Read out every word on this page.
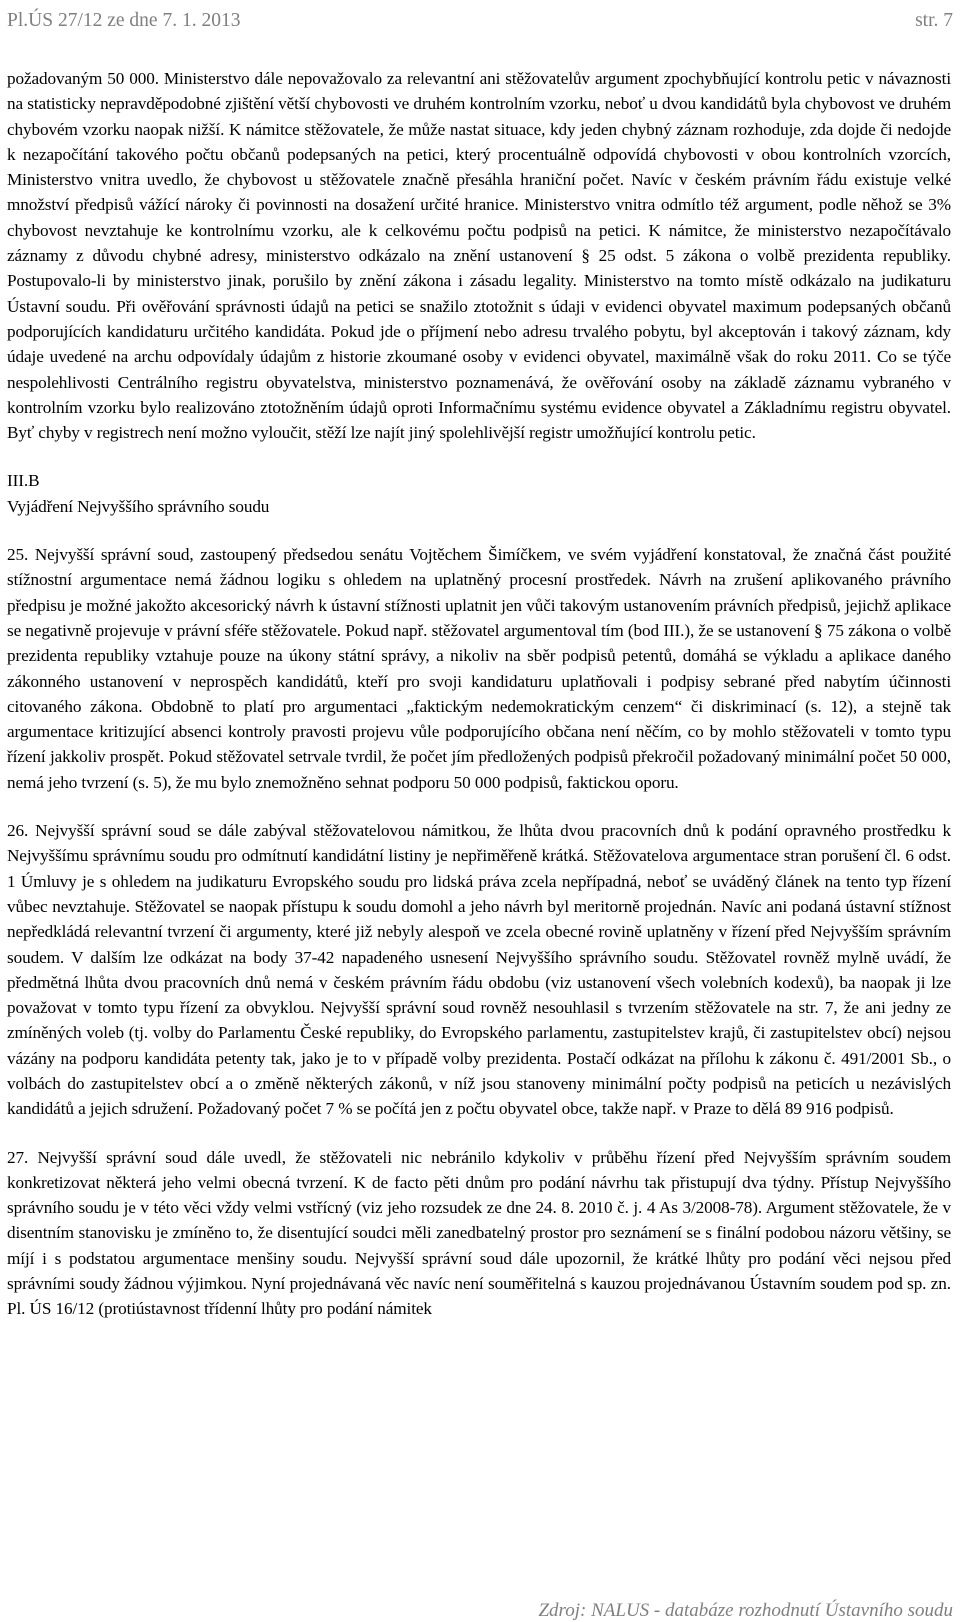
Pl.ÚS 27/12 ze dne 7. 1. 2013	str. 7

požadovaným 50 000. Ministerstvo dále nepovažovalo za relevantní ani stěžovatelův argument zpochybňující kontrolu petic v návaznosti na statisticky nepravděpodobné zjištění větší chybovosti ve druhém kontrolním vzorku, neboť u dvou kandidátů byla chybovost ve druhém chybovém vzorku naopak nižší. K námitce stěžovatele, že může nastat situace, kdy jeden chybný záznam rozhoduje, zda dojde či nedojde k nezapočítání takového počtu občanů podepsaných na petici, který procentuálně odpovídá chybovosti v obou kontrolních vzorcích, Ministerstvo vnitra uvedlo, že chybovost u stěžovatele značně přesáhla hraniční počet. Navíc v českém právním řádu existuje velké množství předpisů vážící nároky či povinnosti na dosažení určité hranice. Ministerstvo vnitra odmítlo též argument, podle něhož se 3% chybovost nevztahuje ke kontrolnímu vzorku, ale k celkovému počtu podpisů na petici. K námitce, že ministerstvo nezapočítávalo záznamy z důvodu chybné adresy, ministerstvo odkázalo na znění ustanovení § 25 odst. 5 zákona o volbě prezidenta republiky. Postupovalo-li by ministerstvo jinak, porušilo by znění zákona i zásadu legality. Ministerstvo na tomto místě odkázalo na judikaturu Ústavní soudu. Při ověřování správnosti údajů na petici se snažilo ztotožnit s údaji v evidenci obyvatel maximum podepsaných občanů podporujících kandidaturu určitého kandidáta. Pokud jde o příjmení nebo adresu trvalého pobytu, byl akceptován i takový záznam, kdy údaje uvedené na archu odpovídaly údajům z historie zkoumané osoby v evidenci obyvatel, maximálně však do roku 2011. Co se týče nespolehlivosti Centrálního registru obyvatelstva, ministerstvo poznamenává, že ověřování osoby na základě záznamu vybraného v kontrolním vzorku bylo realizováno ztotožněním údajů oproti Informačnímu systému evidence obyvatel a Základnímu registru obyvatel. Byť chyby v registrech není možno vyloučit, stěží lze najít jiný spolehlivější registr umožňující kontrolu petic.

III.B

Vyjádření Nejvyššího správního soudu

25. Nejvyšší správní soud, zastoupený předsedou senátu Vojtěchem Šimíčkem, ve svém vyjádření konstatoval, že značná část použité stížnostní argumentace nemá žádnou logiku s ohledem na uplatněný procesní prostředek. Návrh na zrušení aplikovaného právního předpisu je možné jakožto akcesorický návrh k ústavní stížnosti uplatnit jen vůči takovým ustanovením právních předpisů, jejichž aplikace se negativně projevuje v právní sféře stěžovatele. Pokud např. stěžovatel argumentoval tím (bod III.), že se ustanovení § 75 zákona o volbě prezidenta republiky vztahuje pouze na úkony státní správy, a nikoliv na sběr podpisů petentů, domáhá se výkladu a aplikace daného zákonného ustanovení v neprospěch kandidátů, kteří pro svoji kandidaturu uplatňovali i podpisy sebrané před nabytím účinnosti citovaného zákona. Obdobně to platí pro argumentaci „faktickým nedemokratickým cenzem“ či diskriminací (s. 12), a stejně tak argumentace kritizující absenci kontroly pravosti projevu vůle podporujícího občana není něčím, co by mohlo stěžovateli v tomto typu řízení jakkoliv prospět. Pokud stěžovatel setrvale tvrdil, že počet jím předložených podpisů překročil požadovaný minimální počet 50 000, nemá jeho tvrzení (s. 5), že mu bylo znemožněno sehnat podporu 50 000 podpisů, faktickou oporu.

26. Nejvyšší správní soud se dále zabýval stěžovatelovou námitkou, že lhůta dvou pracovních dnů k podání opravného prostředku k Nejvyššímu správnímu soudu pro odmítnutí kandidátní listiny je nepřiměřeně krátká. Stěžovatelova argumentace stran porušení čl. 6 odst. 1 Úmluvy je s ohledem na judikaturu Evropského soudu pro lidská práva zcela nepřípadná, neboť se uváděný článek na tento typ řízení vůbec nevztahuje. Stěžovatel se naopak přístupu k soudu domohl a jeho návrh byl meritorně projednán. Navíc ani podaná ústavní stížnost nepředkládá relevantní tvrzení či argumenty, které již nebyly alespoň ve zcela obecné rovině uplatněny v řízení před Nejvyšším správním soudem. V dalším lze odkázat na body 37-42 napadeného usnesení Nejvyššího správního soudu. Stěžovatel rovněž mylně uvádí, že předmětná lhůta dvou pracovních dnů nemá v českém právním řádu obdobu (viz ustanovení všech volebních kodexů), ba naopak ji lze považovat v tomto typu řízení za obvyklou. Nejvyšší správní soud rovněž nesouhlasil s tvrzením stěžovatele na str. 7, že ani jedny ze zmíněných voleb (tj. volby do Parlamentu České republiky, do Evropského parlamentu, zastupitelstev krajů, či zastupitelstev obcí) nejsou vázány na podporu kandidáta petenty tak, jako je to v případě volby prezidenta. Postačí odkázat na přílohu k zákonu č. 491/2001 Sb., o volbách do zastupitelstev obcí a o změně některých zákonů, v níž jsou stanoveny minimální počty podpisů na peticích u nezávislých kandidátů a jejich sdružení. Požadovaný počet 7 % se počítá jen z počtu obyvatel obce, takže např. v Praze to dělá 89 916 podpisů.

27. Nejvyšší správní soud dále uvedl, že stěžovateli nic nebránilo kdykoliv v průběhu řízení před Nejvyšším správním soudem konkretizovat některá jeho velmi obecná tvrzení. K de facto pěti dnům pro podání návrhu tak přistupují dva týdny. Přístup Nejvyššího správního soudu je v této věci vždy velmi vstřícný (viz jeho rozsudek ze dne 24. 8. 2010 č. j. 4 As 3/2008-78). Argument stěžovatele, že v disentním stanovisku je zmíněno to, že disentující soudci měli zanedbatelný prostor pro seznámení se s finální podobou názoru většiny, se míjí i s podstatou argumentace menšiny soudu. Nejvyšší správní soud dále upozornil, že krátké lhůty pro podání věci nejsou před správními soudy žádnou výjimkou. Nyní projednávaná věc navíc není souměřitelná s kauzou projednávanou Ústavním soudem pod sp. zn. Pl. ÚS 16/12 (protiústavnost třídenní lhůty pro podání námitek

Zdroj: NALUS - databáze rozhodnutí Ústavního soudu
